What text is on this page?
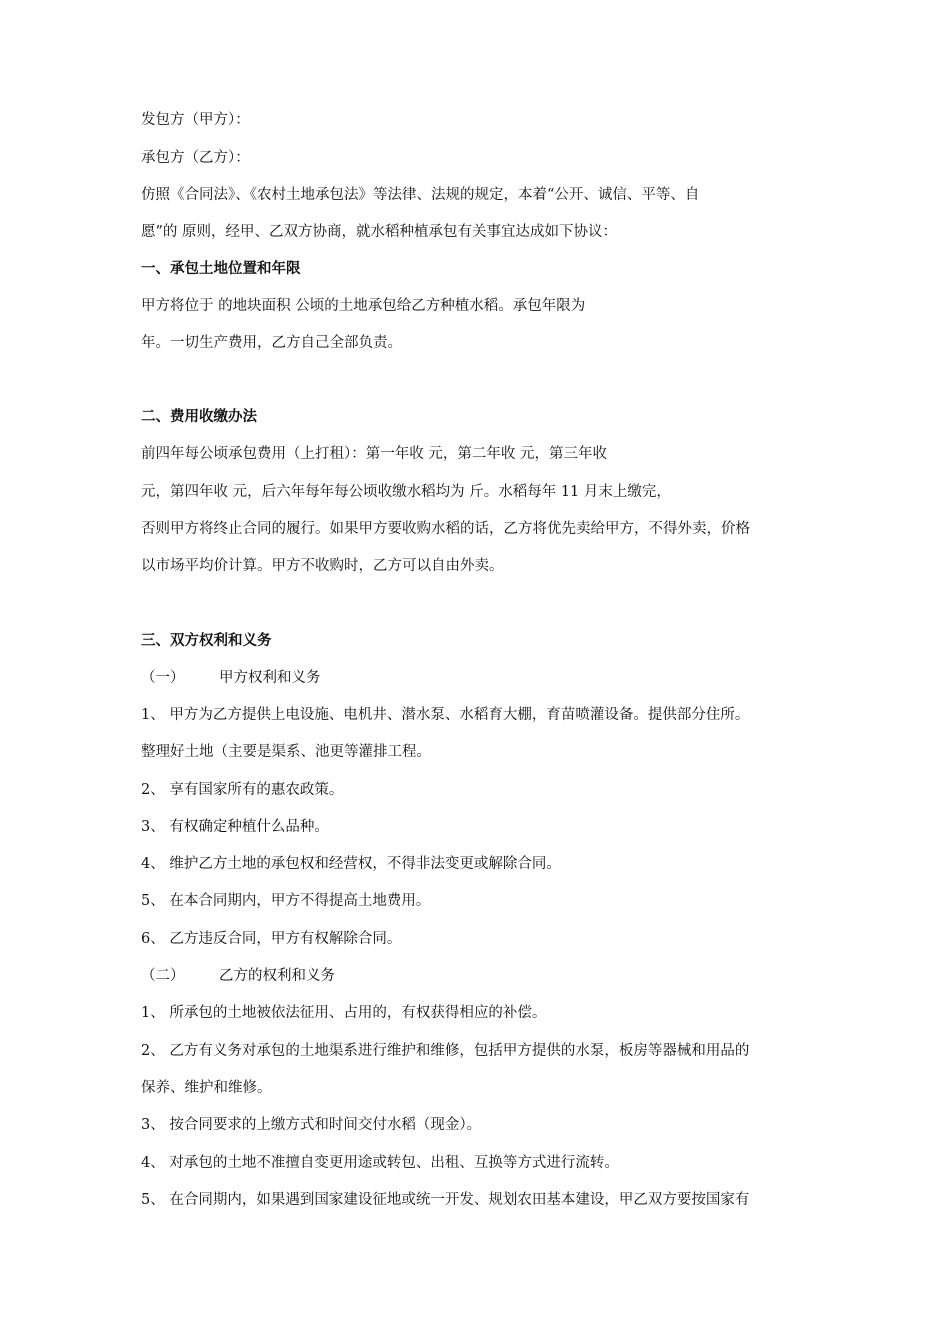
发包方（甲方）：
承包方（乙方）：
仿照《合同法》、《农村土地承包法》等法律、法规的规定，本着“公开、诚信、平等、自
愿”的 原则，经甲、乙双方协商，就水稻种植承包有关事宜达成如下协议：
一、承包土地位置和年限
甲方将位于 的地块面积 公顷的土地承包给乙方种植水稻。承包年限为
年。一切生产费用，乙方自己全部负责。
二、费用收缴办法
前四年每公顷承包费用（上打租）：第一年收 元，第二年收 元，第三年收
元，第四年收 元，后六年每年每公顷收缴水稻均为 斤。水稻每年 11 月末上缴完，
否则甲方将终止合同的履行。如果甲方要收购水稻的话，乙方将优先卖给甲方，不得外卖，价格
以市场平均价计算。甲方不收购时，乙方可以自由外卖。
三、双方权利和义务
（一） 甲方权利和义务
1、 甲方为乙方提供上电设施、电机井、潜水泵、水稻育大棚，育苗喷灌设备。提供部分住所。
整理好土地（主要是渠系、池更等灌排工程。
2、 享有国家所有的惠农政策。
3、 有权确定种植什么品种。
4、 维护乙方土地的承包权和经营权，不得非法变更或解除合同。
5、 在本合同期内，甲方不得提高土地费用。
6、 乙方违反合同，甲方有权解除合同。
（二） 乙方的权利和义务
1、 所承包的土地被依法征用、占用的，有权获得相应的补偿。
2、 乙方有义务对承包的土地渠系进行维护和维修，包括甲方提供的水泵，板房等器械和用品的
保养、维护和维修。
3、 按合同要求的上缴方式和时间交付水稻（现金）。
4、 对承包的土地不准擅自变更用途或转包、出租、互换等方式进行流转。
5、 在合同期内，如果遇到国家建设征地或统一开发、规划农田基本建设，甲乙双方要按国家有
